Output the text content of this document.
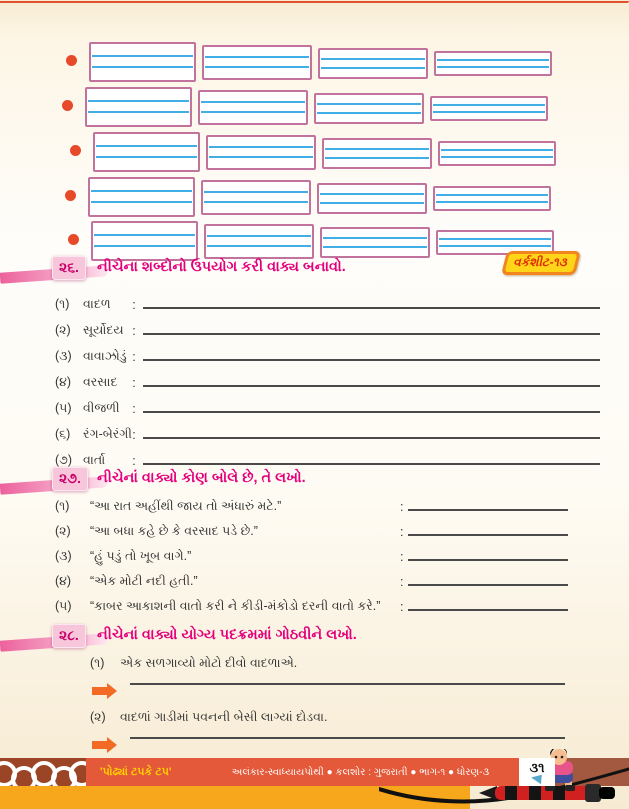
૨૬.	નીચેના શબ્દોનો ઉપયોગ કરી વાક્ય બનાવો.	વર્કશીટ-૧૩
(૧)	વાદળ	:
(૨) સૂર્યોદય :
(૩) વાવાઝોડું :
(૪) વરસાદ	:
(૫) વીજળી	:
(૬)	રંગ-બેરંગી :
(૭) વાર્તા	:
૨૭.	નીચેનાં વાક્યો કોણ બોલે છે, તે લખો.
(૧)	“આ રાત અહીંથી જાય તો અંધારું મટે.”	:
(૨)	“આ બધા કહે છે કે વરસાદ પડે છે.”	:
(૩)	“હું પડું તો ખૂબ વાગે.”	:
(૪)	“એક મોટી નદી હતી.”	:
(૫)	“કાબર આકાશની વાતો કરી ને કીડી-મંકોડો દરની વાતો કરે.”	:
૨૮.	નીચેનાં વાક્યો યોગ્ય પદક્રમમાં ગોઠવીને લખો.
(૧)	એક સળગાવ્યો મોટો દીવો વાદળાએ.
(૨)	વાદળાં ગાડીમાં પવનની બેસી લાગ્યાં દોડવા.
'પોઢ્યાં ટપકે ટપ'	અલંકાર-સ્વાધ્યાયપોથી ● કલશોર : ગુજરાતી ● ભાગ-૧ ● ધોરણ-૩	૩૧
